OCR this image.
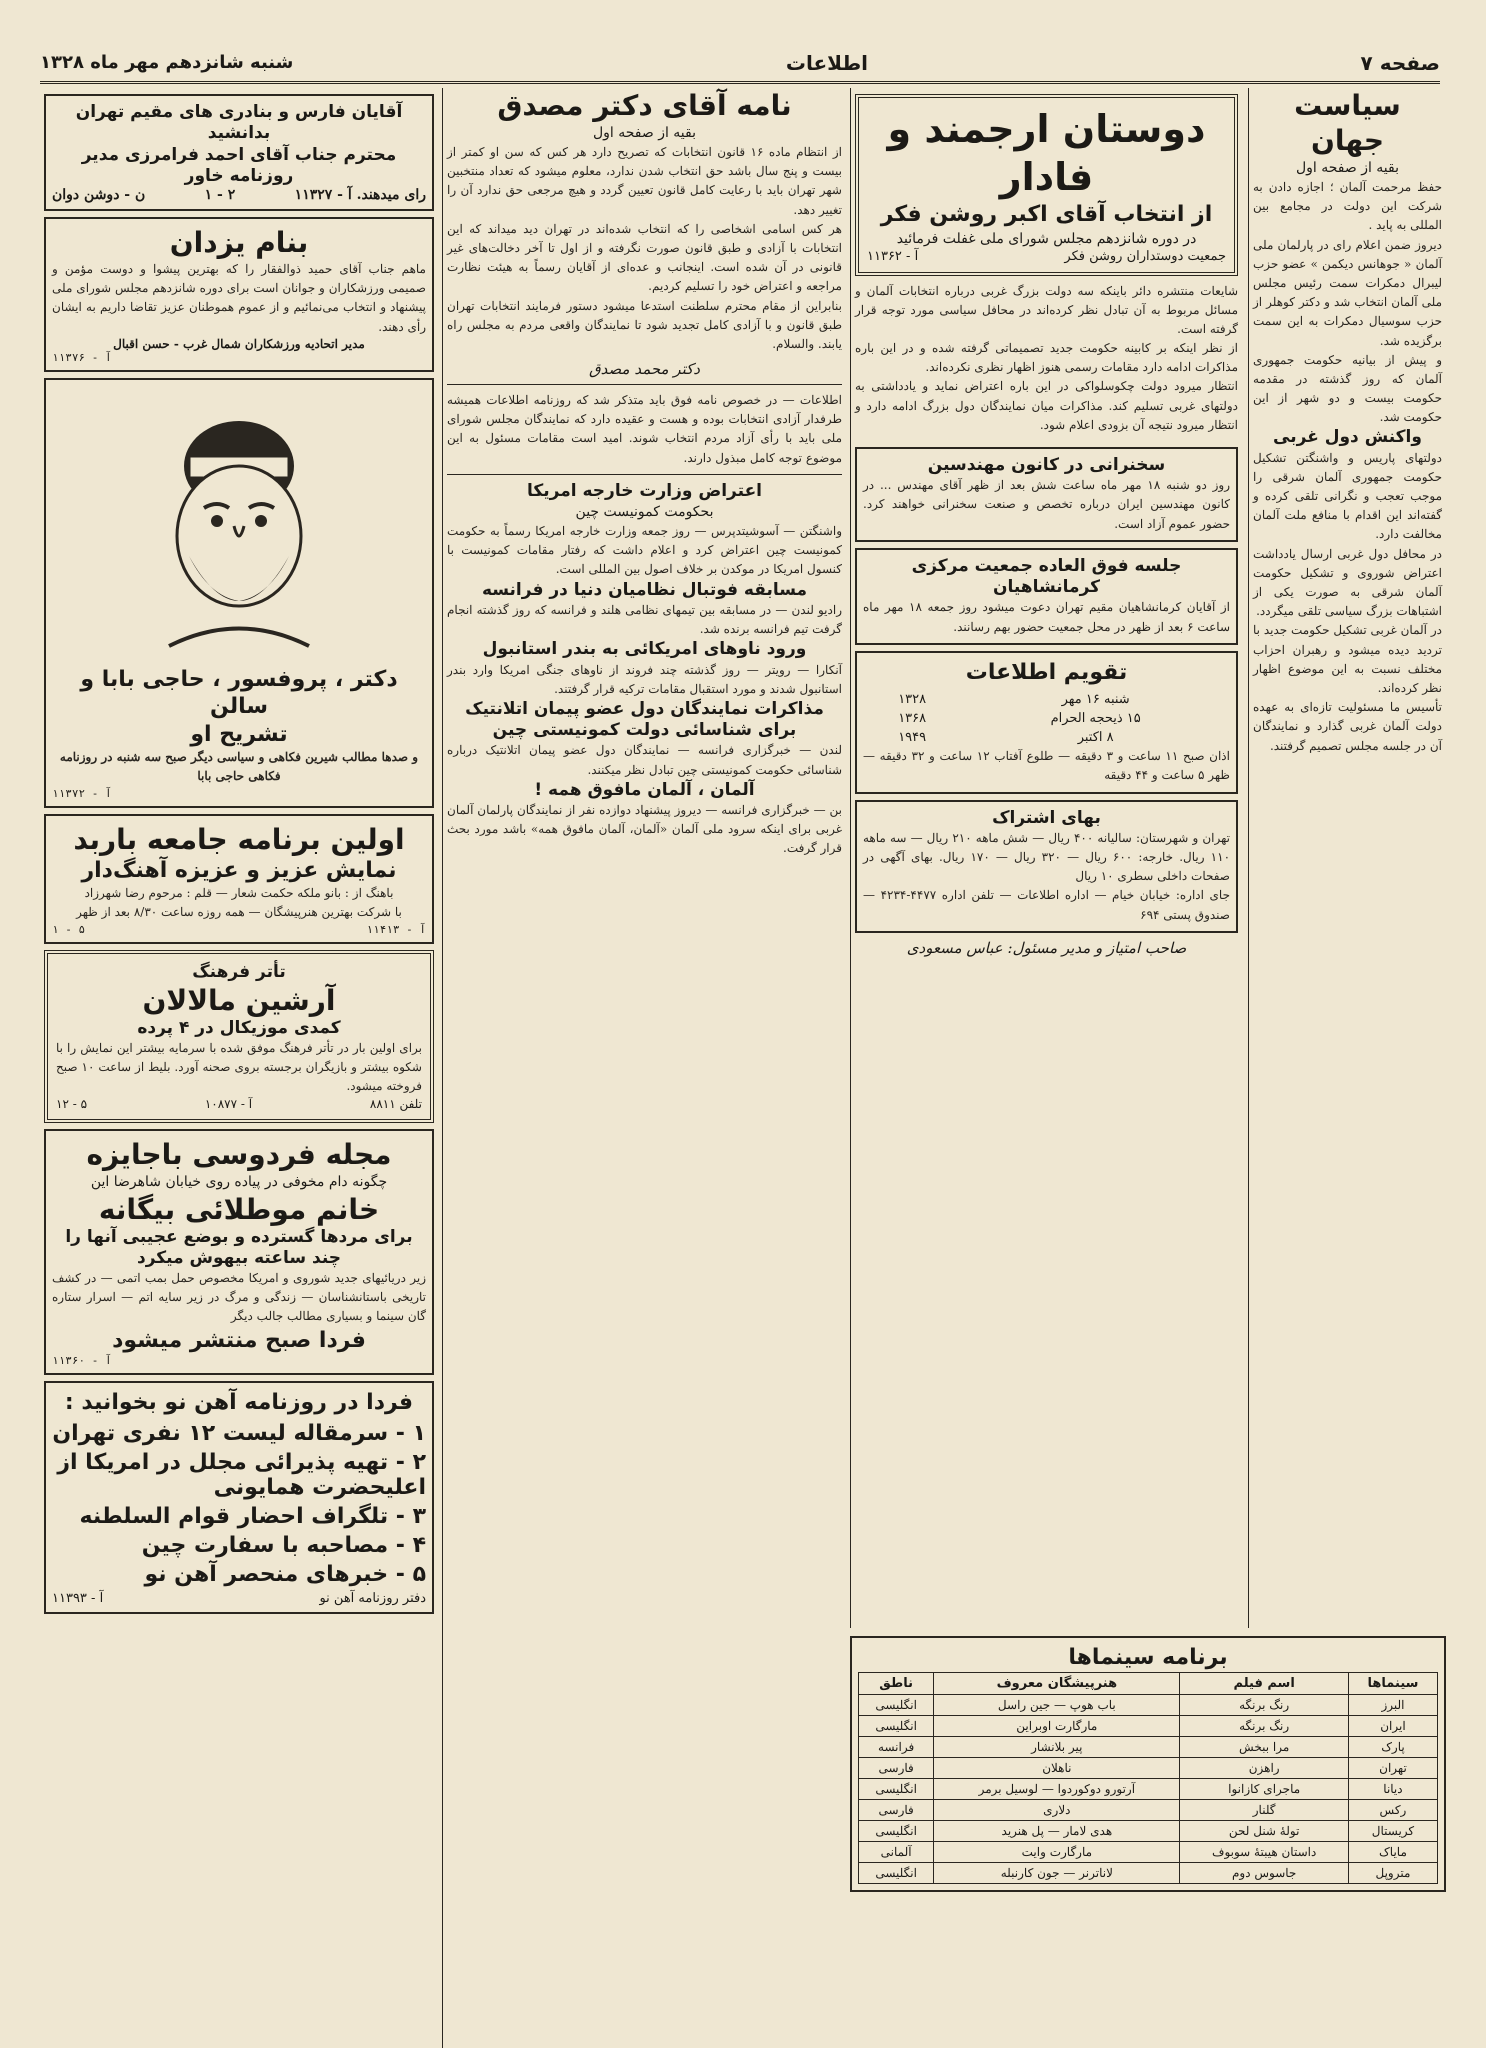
صفحه ۷
اطلاعات
شنبه شانزدهم مهر ماه ۱۳۲۸
سیاست جهان
بقیه از صفحه اول

حفظ مرحمت آلمان ؛ اجازه دادن به شرکت این دولت در مجامع بین المللی به پاید .

دیروز ضمن اعلام رای در پارلمان ملی آلمان « جوهانس دیکمن » عضو حزب لیبرال دمکرات سمت رئیس مجلس ملی آلمان انتخاب شد و دکتر کوهلر از حزب سوسیال دمکرات به این سمت برگزیده شد.

و پیش از بیانیه حکومت جمهوری آلمان که روز گذشته در مقدمه حکومت بیست و دو شهر از این حکومت شد.

واکنش دول غربی

دولتهای پاریس و واشنگتن تشکیل حکومت جمهوری آلمان شرقی را موجب تعجب و نگرانی تلقی کرده و گفته‌اند این اقدام با منافع ملت آلمان مخالفت دارد.

در محافل دول غربی ارسال یادداشت اعتراض شوروی و تشکیل حکومت آلمان شرقی به صورت یکی از اشتباهات بزرگ سیاسی تلقی میگردد.

در آلمان غربی تشکیل حکومت جدید با تردید دیده میشود و رهبران احزاب مختلف نسبت به این موضوع اظهار نظر کرده‌اند.

تأسیس ما مسئولیت تازه‌ای به عهده دولت آلمان غربی گذارد و نمایندگان آن در جلسه مجلس تصمیم گرفتند.

دوستان ارجمند و فادار
از انتخاب آقای اکبر روشن فکر
در دوره شانزدهم مجلس شورای ملی غفلت فرمائید
جمعیت دوستداران روشن فکر
آ - ۱۱۳۶۲

شایعات منتشره دائر باینکه سه دولت بزرگ غربی درباره انتخابات آلمان و مسائل مربوط به آن تبادل نظر کرده‌اند در محافل سیاسی مورد توجه قرار گرفته است.

از نظر اینکه بر کابینه حکومت جدید تصمیماتی گرفته شده و در این باره مذاکرات ادامه دارد مقامات رسمی هنوز اظهار نظری نکرده‌اند.

انتظار میرود دولت چکوسلواکی در این باره اعتراض نماید و یادداشتی به دولتهای غربی تسلیم کند. مذاکرات میان نمایندگان دول بزرگ ادامه دارد و انتظار میرود نتیجه آن بزودی اعلام شود.

سخنرانی در کانون مهندسین

روز دو شنبه ۱۸ مهر ماه ساعت شش بعد از ظهر آقای مهندس ... در کانون مهندسین ایران درباره تخصص و صنعت سخنرانی خواهند کرد. حضور عموم آزاد است.

جلسه فوق العاده جمعیت مرکزی کرمانشاهیان

از آقایان کرمانشاهیان مقیم تهران دعوت میشود روز جمعه ۱۸ مهر ماه ساعت ۶ بعد از ظهر در محل جمعیت حضور بهم رسانند.

تقویم اطلاعات
شنبه ۱۶ مهر	۱۳۲۸
۱۵ ذیحجه الحرام	۱۳۶۸
۸ اکتبر	۱۹۴۹

اذان صبح ۱۱ ساعت و ۳ دقیقه — طلوع آفتاب ۱۲ ساعت و ۳۲ دقیقه — ظهر ۵ ساعت و ۴۴ دقیقه

بهای اشتراک

تهران و شهرستان: سالیانه ۴۰۰ ریال — شش ماهه ۲۱۰ ریال — سه ماهه ۱۱۰ ریال. خارجه: ۶۰۰ ریال — ۳۲۰ ریال — ۱۷۰ ریال. بهای آگهی در صفحات داخلی سطری ۱۰ ریال

جای اداره: خیابان خیام — اداره اطلاعات — تلفن اداره ۴۴۷۷-۴۲۳۴ — صندوق پستی ۶۹۴

صاحب امتیاز و مدیر مسئول: عباس مسعودی
نامه آقای دکتر مصدق
بقیه از صفحه اول

از انتظام ماده ۱۶ قانون انتخابات که تصریح دارد هر کس که سن او کمتر از بیست و پنج سال باشد حق انتخاب شدن ندارد، معلوم میشود که تعداد منتخبین شهر تهران باید با رعایت کامل قانون تعیین گردد و هیچ مرجعی حق ندارد آن را تغییر دهد.

هر کس اسامی اشخاصی را که انتخاب شده‌اند در تهران دید میداند که این انتخابات با آزادی و طبق قانون صورت نگرفته و از اول تا آخر دخالت‌های غیر قانونی در آن شده است. اینجانب و عده‌ای از آقایان رسماً به هیئت نظارت مراجعه و اعتراض خود را تسلیم کردیم.

بنابراین از مقام محترم سلطنت استدعا میشود دستور فرمایند انتخابات تهران طبق قانون و با آزادی کامل تجدید شود تا نمایندگان واقعی مردم به مجلس راه یابند. والسلام.

دکتر محمد مصدق

اطلاعات — در خصوص نامه فوق باید متذکر شد که روزنامه اطلاعات همیشه طرفدار آزادی انتخابات بوده و هست و عقیده دارد که نمایندگان مجلس شورای ملی باید با رأی آزاد مردم انتخاب شوند. امید است مقامات مسئول به این موضوع توجه کامل مبذول دارند.

اعتراض وزارت خارجه امریکا
بحکومت کمونیست چین

واشنگتن — آسوشیتدپرس — روز جمعه وزارت خارجه امریکا رسماً به حکومت کمونیست چین اعتراض کرد و اعلام داشت که رفتار مقامات کمونیست با کنسول امریکا در موکدن بر خلاف اصول بین المللی است.

مسابقه فوتبال نظامیان دنیا در فرانسه

رادیو لندن — در مسابقه بین تیمهای نظامی هلند و فرانسه که روز گذشته انجام گرفت تیم فرانسه برنده شد.

ورود ناوهای امریکائی به بندر استانبول

آنکارا — رویتر — روز گذشته چند فروند از ناوهای جنگی امریکا وارد بندر استانبول شدند و مورد استقبال مقامات ترکیه قرار گرفتند.

مذاکرات نمایندگان دول عضو پیمان اتلانتیک برای شناسائی دولت کمونیستی چین

لندن — خبرگزاری فرانسه — نمایندگان دول عضو پیمان اتلانتیک درباره شناسائی حکومت کمونیستی چین تبادل نظر میکنند.

آلمان ، آلمان مافوق همه !

بن — خبرگزاری فرانسه — دیروز پیشنهاد دوازده نفر از نمایندگان پارلمان آلمان غربی برای اینکه سرود ملی آلمان «آلمان، آلمان مافوق همه» باشد مورد بحث قرار گرفت.

آقایان فارس و بنادری های مقیم تهران بدانشید
محترم جناب آقای احمد فرامرزی مدیر روزنامه خاور
رای میدهند. آ - ۱۱۳۲۷
۲ - ۱
ن - دوشن دوان
بنام یزدان

ماهم جناب آقای حمید ذوالفقار را که بهترین پیشوا و دوست مؤمن و صمیمی ورزشکاران و جوانان است برای دوره شانزدهم مجلس شورای ملی پیشنهاد و انتخاب می‌نمائیم و از عموم هموطنان عزیز تقاضا داریم به ایشان رأی دهند.

مدیر اتحادیه ورزشکاران شمال غرب - حسن اقبال
آ - ۱۱۳۷۶
دکتر ، پروفسور ، حاجی بابا و سالن
تشریح او

و صدها مطالب شیرین فکاهی و سیاسی دیگر صبح سه شنبه در روزنامه فکاهی حاجی بابا

آ - ۱۱۳۷۲
اولین برنامه جامعه باربد
نمایش عزیز و عزیزه آهنگ‌دار

باهنگ از : بانو ملکه حکمت شعار — قلم : مرحوم رضا شهرزاد

با شرکت بهترین هنرپیشگان — همه روزه ساعت ۸/۳۰ بعد از ظهر

آ - ۱۱۴۱۳
۱ - ۵
تأتر فرهنگ
آرشین مالالان
کمدی موزیکال در ۴ پرده

برای اولین بار در تأتر فرهنگ موفق شده با سرمایه بیشتر این نمایش را با شکوه بیشتر و بازیگران برجسته بروی صحنه آورد. بلیط از ساعت ۱۰ صبح فروخته میشود.

تلفن ۸۸۱۱
آ - ۱۰۸۷۷
۵ - ۱۲
مجله فردوسی باجایزه
چگونه دام مخوفی در پیاده روی خیابان شاهرضا این
خانم موطلائی بیگانه
برای مردها گسترده و بوضع عجیبی آنها را چند ساعته بیهوش میکرد

زیر دریائیهای جدید شوروی و امریکا مخصوص حمل بمب اتمی — در کشف تاریخی باستانشناسان — زندگی و مرگ در زیر سایه اتم — اسرار ستاره گان سینما و بسیاری مطالب جالب دیگر

فردا صبح منتشر میشود
آ - ۱۱۳۶۰
فردا در روزنامه آهن نو بخوانید :
۱ - سرمقاله لیست ۱۲ نفری تهران
۲ - تهیه پذیرائی مجلل در امریکا از اعلیحضرت همایونی
۳ - تلگراف احضار قوام السلطنه
۴ - مصاحبه با سفارت چین
۵ - خبرهای منحصر آهن نو
دفتر روزنامه آهن نو
آ - ۱۱۳۹۳
برنامه سینماها
سینماها	اسم فیلم	هنرپیشگان معروف	ناطق
البرز	رنگ برنگه	باب هوپ — جین راسل	انگلیسی
ایران	رنگ برنگه	مارگارت اوبراین	انگلیسی
پارک	مرا ببخش	پیر بلانشار	فرانسه
تهران	راهزن	ناهلان	فارسی
دیانا	ماجرای کازانوا	آرتورو دوکوردوا — لوسیل برمر	انگلیسی
رکس	گلنار	دلاری	فارسی
کریستال	تولهٔ شنل لحن	هدی لامار — پل هنرید	انگلیسی
مایاک	داستان هیبتهٔ سوبوف	مارگارت وایت	آلمانی
متروپل	جاسوس دوم	لاناترنر — جون کارنبله	انگلیسی
